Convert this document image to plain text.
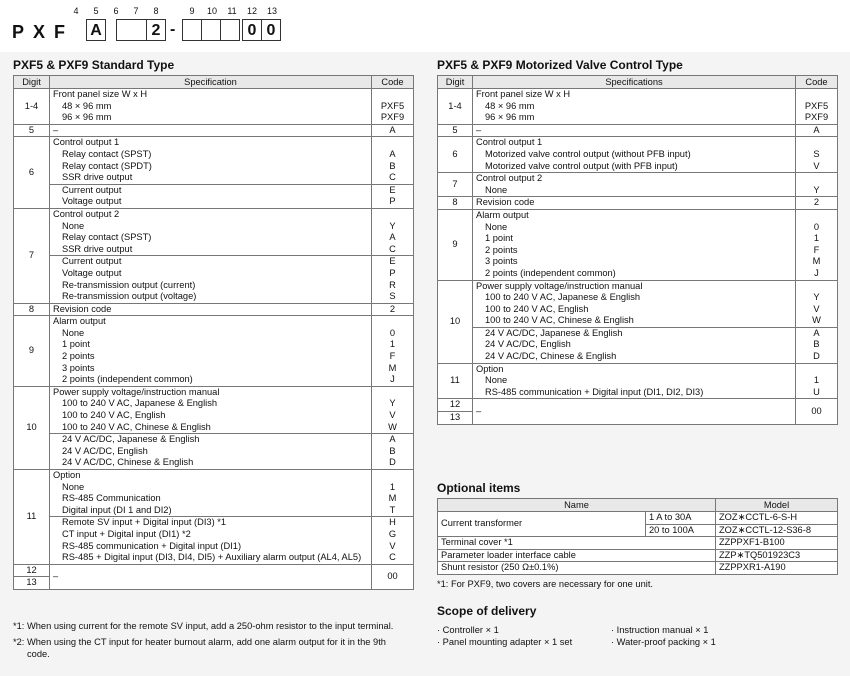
4	5	6	7	8	9	10	11	12	13
PXF A	2 -	0 0
PXF5 & PXF9 Standard Type
Digit	Specification	Code
1-4	Front panel size W x H	
	48 × 96 mm	PXF5
	96 × 96 mm	PXF9
5	–	A
6	Control output 1	
	Relay contact (SPST)	A
	Relay contact (SPDT)	B
	SSR drive output	C
	Current output	E
	Voltage output	P
7	Control output 2	
	None	Y
	Relay contact (SPST)	A
	SSR drive output	C
	Current output	E
	Voltage output	P
	Re-transmission output (current)	R
	Re-transmission output (voltage)	S
8	Revision code	2
9	Alarm output	
	None	0
	1 point	1
	2 points	F
	3 points	M
	2 points (independent common)	J
10	Power supply voltage/instruction manual	
	100 to 240 V AC, Japanese & English	Y
	100 to 240 V AC, English	V
	100 to 240 V AC, Chinese & English	W
	24 V AC/DC, Japanese & English	A
	24 V AC/DC, English	B
	24 V AC/DC, Chinese & English	D
11	Option	
	None	1
	RS-485 Communication	M
	Digital input (DI 1 and DI2)	T
	Remote SV input + Digital input (DI3) *1	H
	CT input + Digital input (DI1) *2	G
	RS-485 communication + Digital input (DI1)	V
	RS-485 + Digital input (DI3, DI4, DI5) + Auxiliary alarm output (AL4, AL5)	C
12	–	00
13		
*1: When using current for the remote SV input, add a 250-ohm resistor to the input terminal.
*2: When using the CT input for heater burnout alarm, add one alarm output for it in the 9th
code.
PXF5 & PXF9 Motorized Valve Control Type
Digit	Specifications	Code
1-4	Front panel size W x H	
	48 × 96 mm	PXF5
	96 × 96 mm	PXF9
5	–	A
6	Control output 1	
	Motorized valve control output (without PFB input)	S
	Motorized valve control output (with PFB input)	V
7	Control output 2	
	None	Y
8	Revision code	2
9	Alarm output	
	None	0
	1 point	1
	2 points	F
	3 points	M
	2 points (independent common)	J
10	Power supply voltage/instruction manual	
	100 to 240 V AC, Japanese & English	Y
	100 to 240 V AC, English	V
	100 to 240 V AC, Chinese & English	W
	24 V AC/DC, Japanese & English	A
	24 V AC/DC, English	B
	24 V AC/DC, Chinese & English	D
11	Option	
	None	1
	RS-485 communication + Digital input (DI1, DI2, DI3)	U
12	–	00
13		
Optional items
Name		Model
Current transformer	1 A to 30A	ZOZ∗CCTL-6-S-H
	20 to 100A	ZOZ∗CCTL-12-S36-8
Terminal cover *1		ZZPPXF1-B100
Parameter loader interface cable		ZZP∗TQ501923C3
Shunt resistor (250 Ω±0.1%)		ZZPPXR1-A190
*1: For PXF9, two covers are necessary for one unit.
Scope of delivery
· Controller × 1	· Instruction manual × 1
· Panel mounting adapter × 1 set	· Water-proof packing × 1
